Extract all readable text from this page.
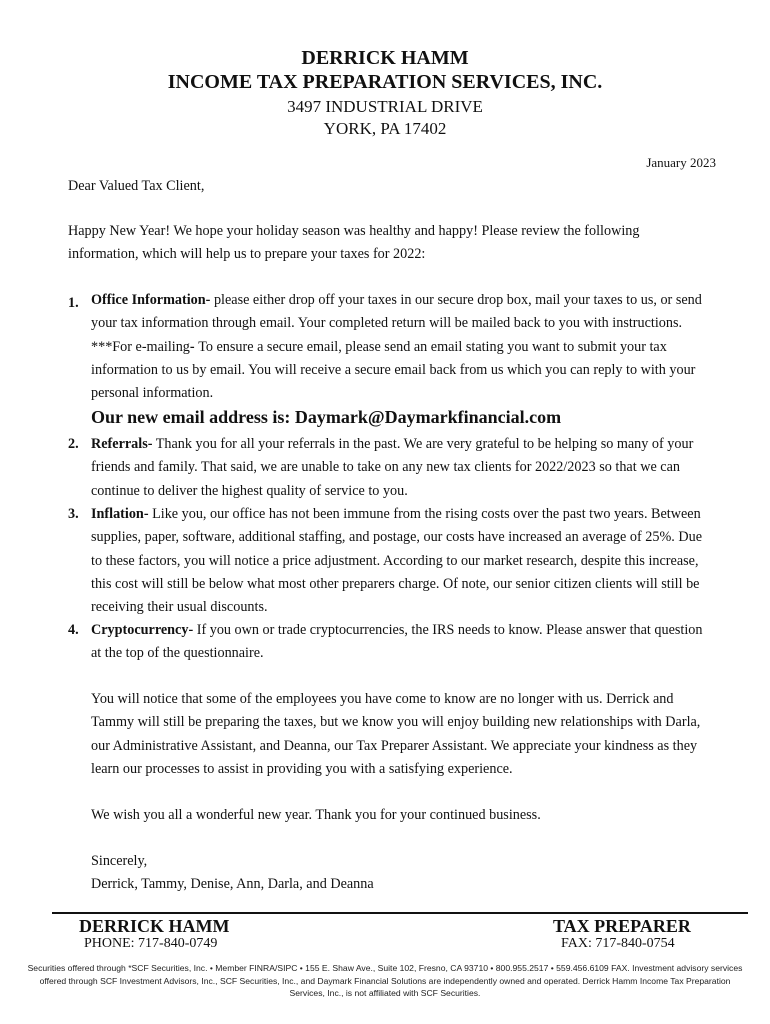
DERRICK HAMM
INCOME TAX PREPARATION SERVICES, INC.
3497 INDUSTRIAL DRIVE
YORK, PA 17402
January 2023
Dear Valued Tax Client,
Happy New Year! We hope your holiday season was healthy and happy! Please review the following
information, which will help us to prepare your taxes for 2022:
1. Office Information- please either drop off your taxes in our secure drop box, mail your taxes to us, or send
your tax information through email. Your completed return will be mailed back to you with instructions.
***For e-mailing- To ensure a secure email, please send an email stating you want to submit your tax
information to us by email. You will receive a secure email back from us which you can reply to with your
personal information.
Our new email address is: Daymark@Daymarkfinancial.com
2. Referrals- Thank you for all your referrals in the past. We are very grateful to be helping so many of your
friends and family. That said, we are unable to take on any new tax clients for 2022/2023 so that we can
continue to deliver the highest quality of service to you.
3. Inflation- Like you, our office has not been immune from the rising costs over the past two years. Between
supplies, paper, software, additional staffing, and postage, our costs have increased an average of 25%. Due
to these factors, you will notice a price adjustment. According to our market research, despite this increase,
this cost will still be below what most other preparers charge. Of note, our senior citizen clients will still be
receiving their usual discounts.
4. Cryptocurrency- If you own or trade cryptocurrencies, the IRS needs to know. Please answer that question
at the top of the questionnaire.
You will notice that some of the employees you have come to know are no longer with us. Derrick and
Tammy will still be preparing the taxes, but we know you will enjoy building new relationships with Darla,
our Administrative Assistant, and Deanna, our Tax Preparer Assistant. We appreciate your kindness as they
learn our processes to assist in providing you with a satisfying experience.
We wish you all a wonderful new year. Thank you for your continued business.
Sincerely,
Derrick, Tammy, Denise, Ann, Darla, and Deanna
DERRICK HAMM	TAX PREPARER
PHONE: 717-840-0749	FAX: 717-840-0754
Securities offered through *SCF Securities, Inc. • Member FINRA/SIPC • 155 E. Shaw Ave., Suite 102, Fresno, CA 93710 • 800.955.2517 • 559.456.6109 FAX. Investment advisory services offered through SCF Investment Advisors, Inc., SCF Securities, Inc., and Daymark Financial Solutions are independently owned and operated. Derrick Hamm Income Tax Preparation Services, Inc., is not affiliated with SCF Securities.
